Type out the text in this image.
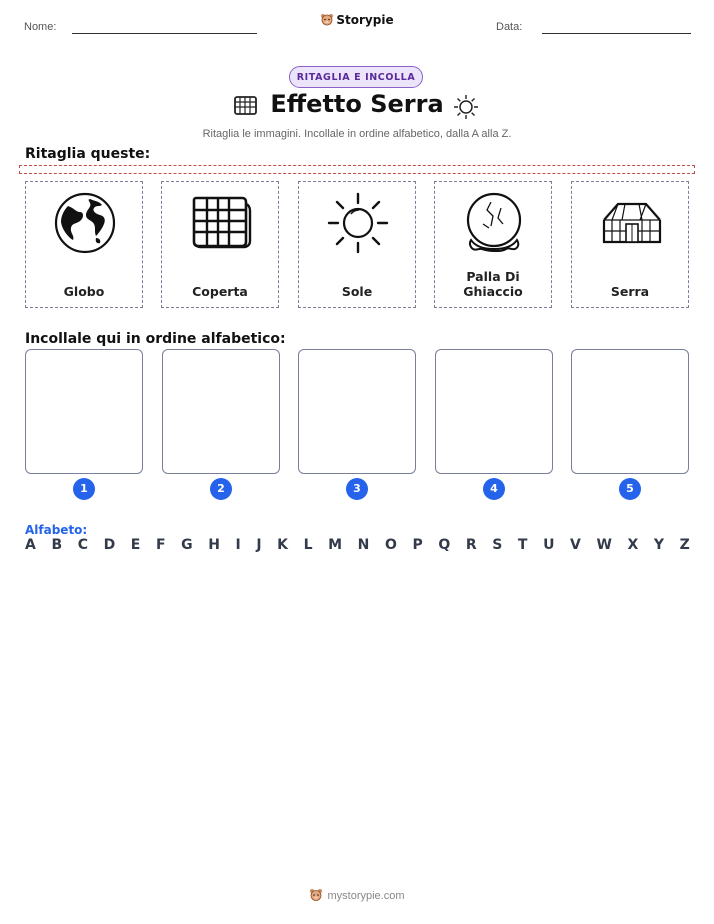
Nome:	Storypie	Data:
RITAGLIA E INCOLLA
Effetto Serra
Ritaglia le immagini. Incollale in ordine alfabetico, dalla A alla Z.
Ritaglia queste:
Globo	Coperta	Sole
Palla Di Ghiaccio	Serra
Incollale qui in ordine alfabetico:
1	2	3	4	5
Alfabeto:
A B C D E F G H I J K L M N O P Q R S T U V W X Y Z
mystorypie.com
